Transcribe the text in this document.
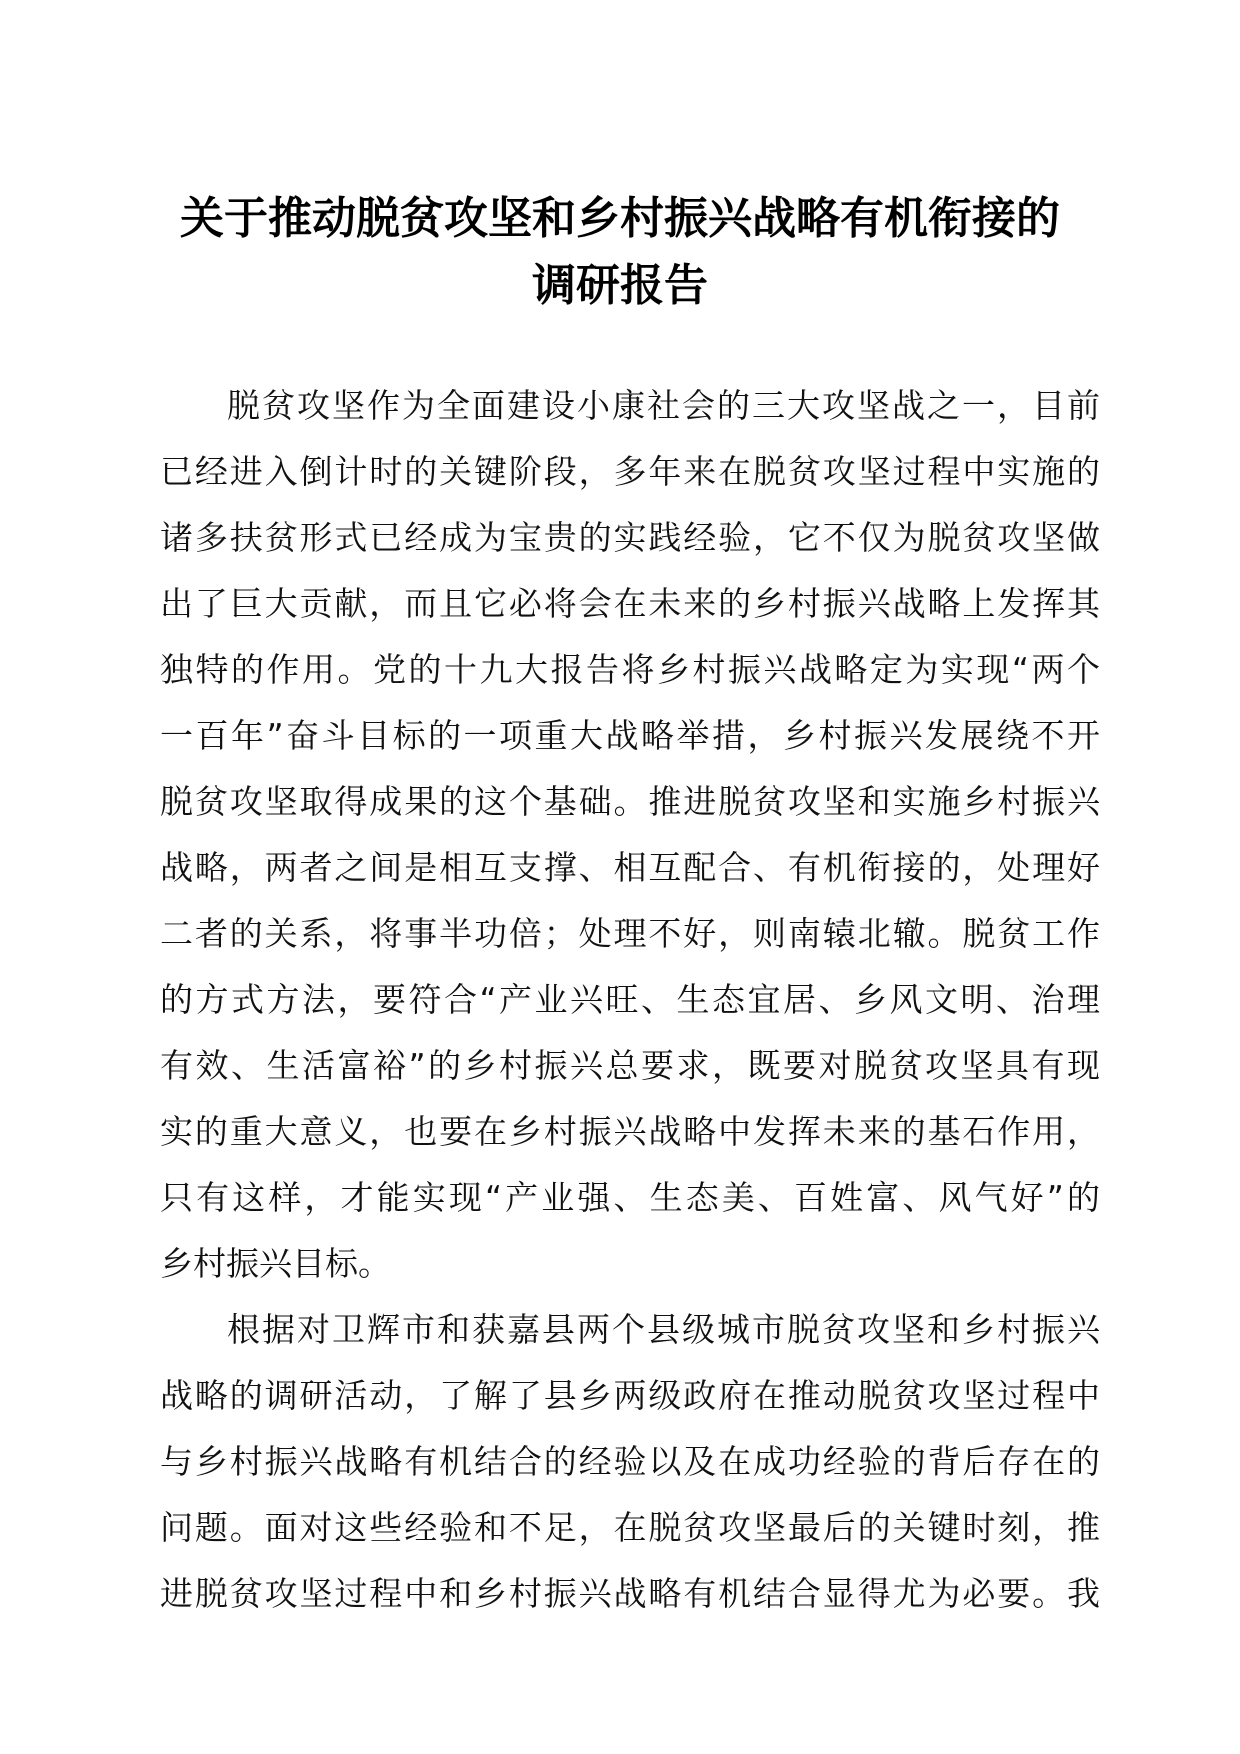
关于推动脱贫攻坚和乡村振兴战略有机衔接的
调研报告
脱贫攻坚作为全面建设小康社会的三大攻坚战之一，目前
已经进入倒计时的关键阶段，多年来在脱贫攻坚过程中实施的
诸多扶贫形式已经成为宝贵的实践经验，它不仅为脱贫攻坚做
出了巨大贡献，而且它必将会在未来的乡村振兴战略上发挥其
独特的作用。党的十九大报告将乡村振兴战略定为实现“两个
一百年”奋斗目标的一项重大战略举措，乡村振兴发展绕不开
脱贫攻坚取得成果的这个基础。推进脱贫攻坚和实施乡村振兴
战略，两者之间是相互支撑、相互配合、有机衔接的，处理好
二者的关系，将事半功倍；处理不好，则南辕北辙。脱贫工作
的方式方法，要符合“产业兴旺、生态宜居、乡风文明、治理
有效、生活富裕”的乡村振兴总要求，既要对脱贫攻坚具有现
实的重大意义，也要在乡村振兴战略中发挥未来的基石作用，
只有这样，才能实现“产业强、生态美、百姓富、风气好”的
乡村振兴目标。
根据对卫辉市和获嘉县两个县级城市脱贫攻坚和乡村振兴
战略的调研活动，了解了县乡两级政府在推动脱贫攻坚过程中
与乡村振兴战略有机结合的经验以及在成功经验的背后存在的
问题。面对这些经验和不足，在脱贫攻坚最后的关键时刻，推
进脱贫攻坚过程中和乡村振兴战略有机结合显得尤为必要。我
